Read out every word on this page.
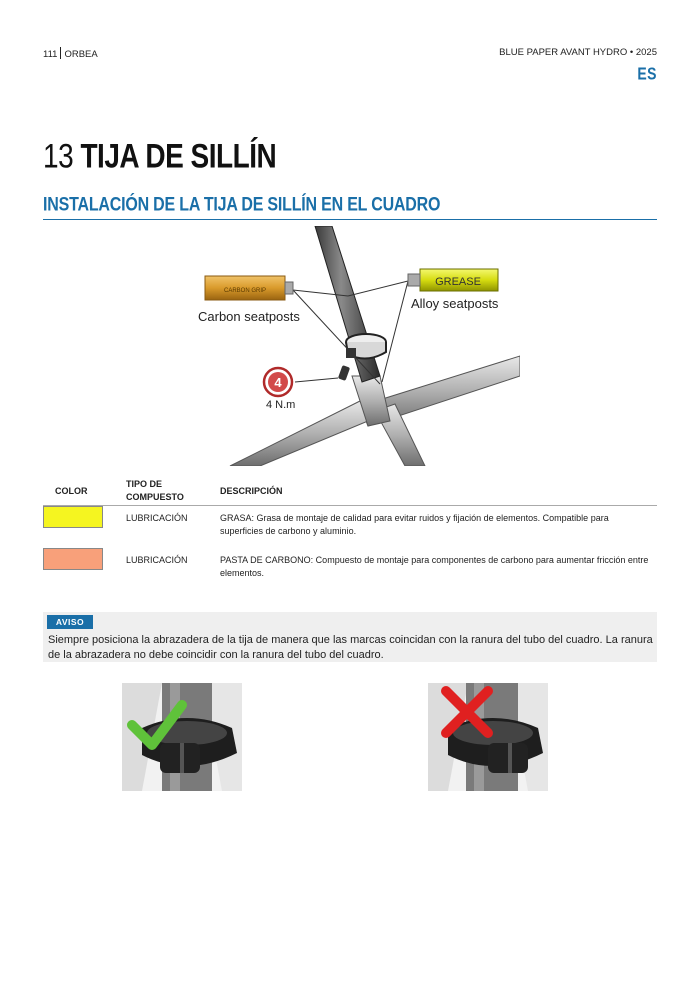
111 ORBEA	BLUE PAPER AVANT HYDRO • 2025
ES
13 TIJA DE SILLÍN
INSTALACIÓN DE LA TIJA DE SILLÍN EN EL CUADRO
CARBON GRIP
GREASE
4
Carbon seatposts
Alloy seatposts
4 N.m
COLOR
TIPO DE COMPUESTO
DESCRIPCIÓN
LUBRICACIÓN	GRASA: Grasa de montaje de calidad para evitar ruidos y fijación de elementos. Compatible para superficies de carbono y aluminio.
LUBRICACIÓN	PASTA DE CARBONO: Compuesto de montaje para componentes de carbono para aumentar fricción entre elementos.
AVISO
Siempre posiciona la abrazadera de la tija de manera que las marcas coincidan con la ranura del tubo del cuadro. La ranura de la abrazadera no debe coincidir con la ranura del tubo del cuadro.
